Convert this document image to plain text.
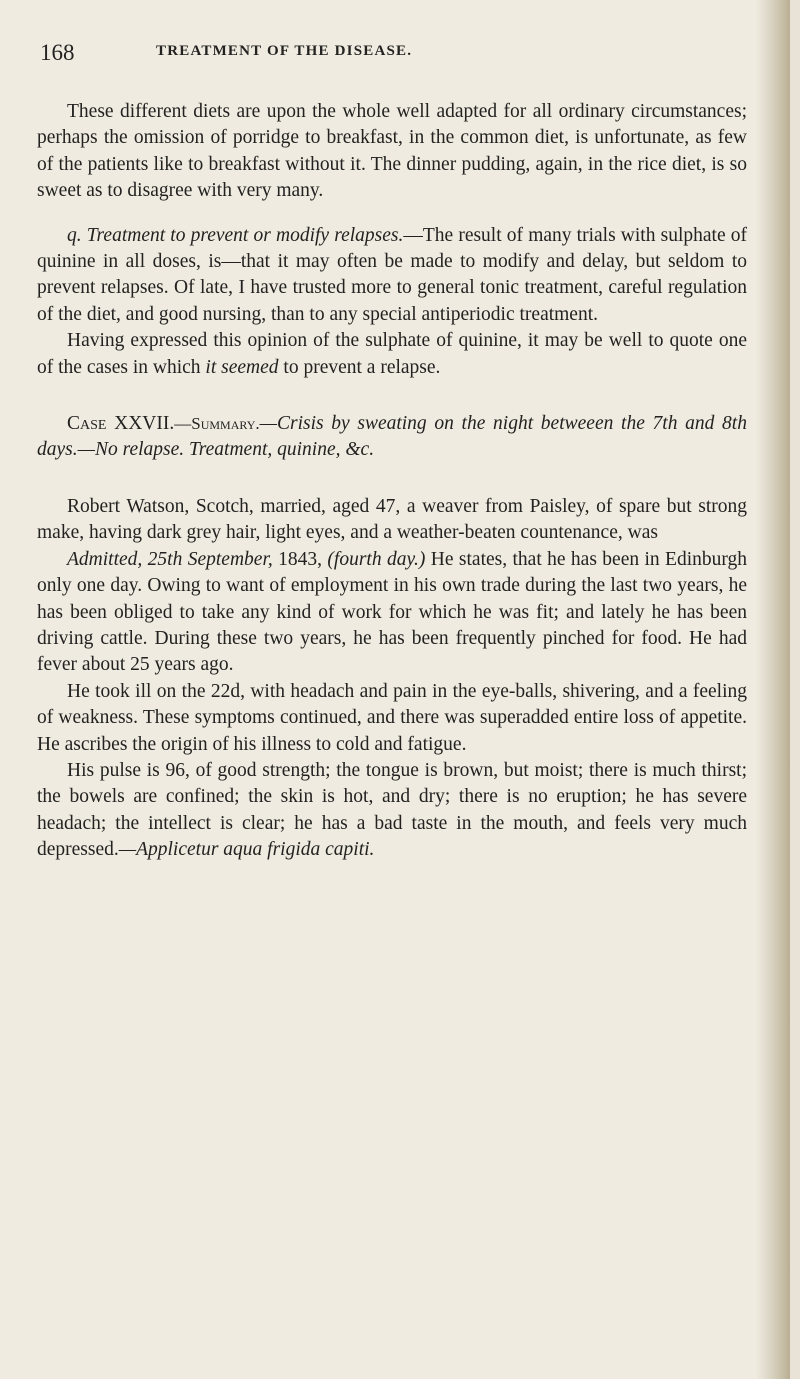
168	TREATMENT OF THE DISEASE.

These different diets are upon the whole well adapted for all ordinary circumstances; perhaps the omission of porridge to breakfast, in the common diet, is unfortunate, as few of the patients like to breakfast without it. The dinner pudding, again, in the rice diet, is so sweet as to disagree with very many.

q. Treatment to prevent or modify relapses.—The result of many trials with sulphate of quinine in all doses, is—that it may often be made to modify and delay, but seldom to prevent relapses. Of late, I have trusted more to general tonic treatment, careful regulation of the diet, and good nursing, than to any special antiperiodic treatment.

Having expressed this opinion of the sulphate of quinine, it may be well to quote one of the cases in which it seemed to prevent a relapse.

Case XXVII.—Summary.—Crisis by sweating on the night betweeen the 7th and 8th days.—No relapse. Treatment, quinine, &c.

Robert Watson, Scotch, married, aged 47, a weaver from Paisley, of spare but strong make, having dark grey hair, light eyes, and a weather-beaten countenance, was

Admitted, 25th September, 1843, (fourth day.) He states, that he has been in Edinburgh only one day. Owing to want of employment in his own trade during the last two years, he has been obliged to take any kind of work for which he was fit; and lately he has been driving cattle. During these two years, he has been frequently pinched for food. He had fever about 25 years ago.

He took ill on the 22d, with headach and pain in the eye-balls, shivering, and a feeling of weakness. These symptoms continued, and there was superadded entire loss of appetite. He ascribes the origin of his illness to cold and fatigue.

His pulse is 96, of good strength; the tongue is brown, but moist; there is much thirst; the bowels are confined; the skin is hot, and dry; there is no eruption; he has severe headach; the intellect is clear; he has a bad taste in the mouth, and feels very much depressed.—Applicetur aqua frigida capiti.
